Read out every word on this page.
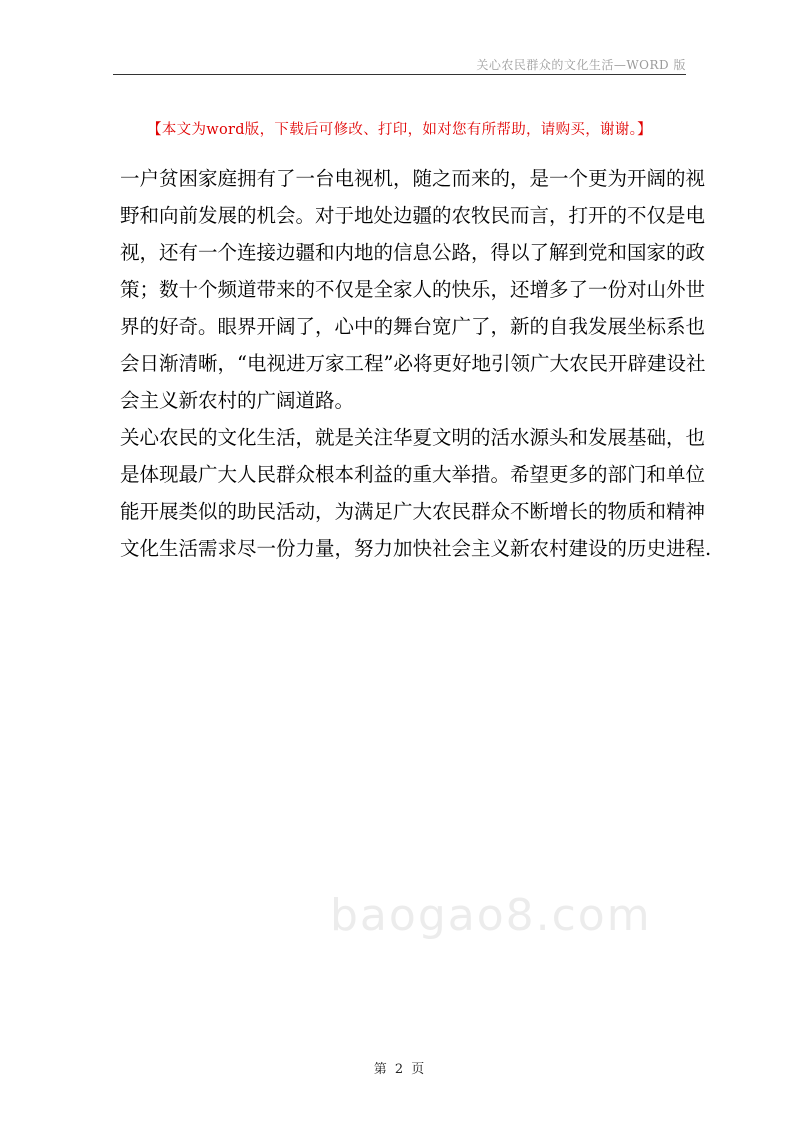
关心农民群众的文化生活—WORD 版
【本文为word版，下载后可修改、打印，如对您有所帮助，请购买，谢谢。】

一户贫困家庭拥有了一台电视机，随之而来的，是一个更为开阔的视
野和向前发展的机会。对于地处边疆的农牧民而言，打开的不仅是电
视，还有一个连接边疆和内地的信息公路，得以了解到党和国家的政
策；数十个频道带来的不仅是全家人的快乐，还增多了一份对山外世
界的好奇。眼界开阔了，心中的舞台宽广了，新的自我发展坐标系也
会日渐清晰，“电视进万家工程”必将更好地引领广大农民开辟建设社
会主义新农村的广阔道路。

关心农民的文化生活，就是关注华夏文明的活水源头和发展基础，也
是体现最广大人民群众根本利益的重大举措。希望更多的部门和单位
能开展类似的助民活动，为满足广大农民群众不断增长的物质和精神
文化生活需求尽一份力量，努力加快社会主义新农村建设的历史进程.

baogao8.com
第 2 页
